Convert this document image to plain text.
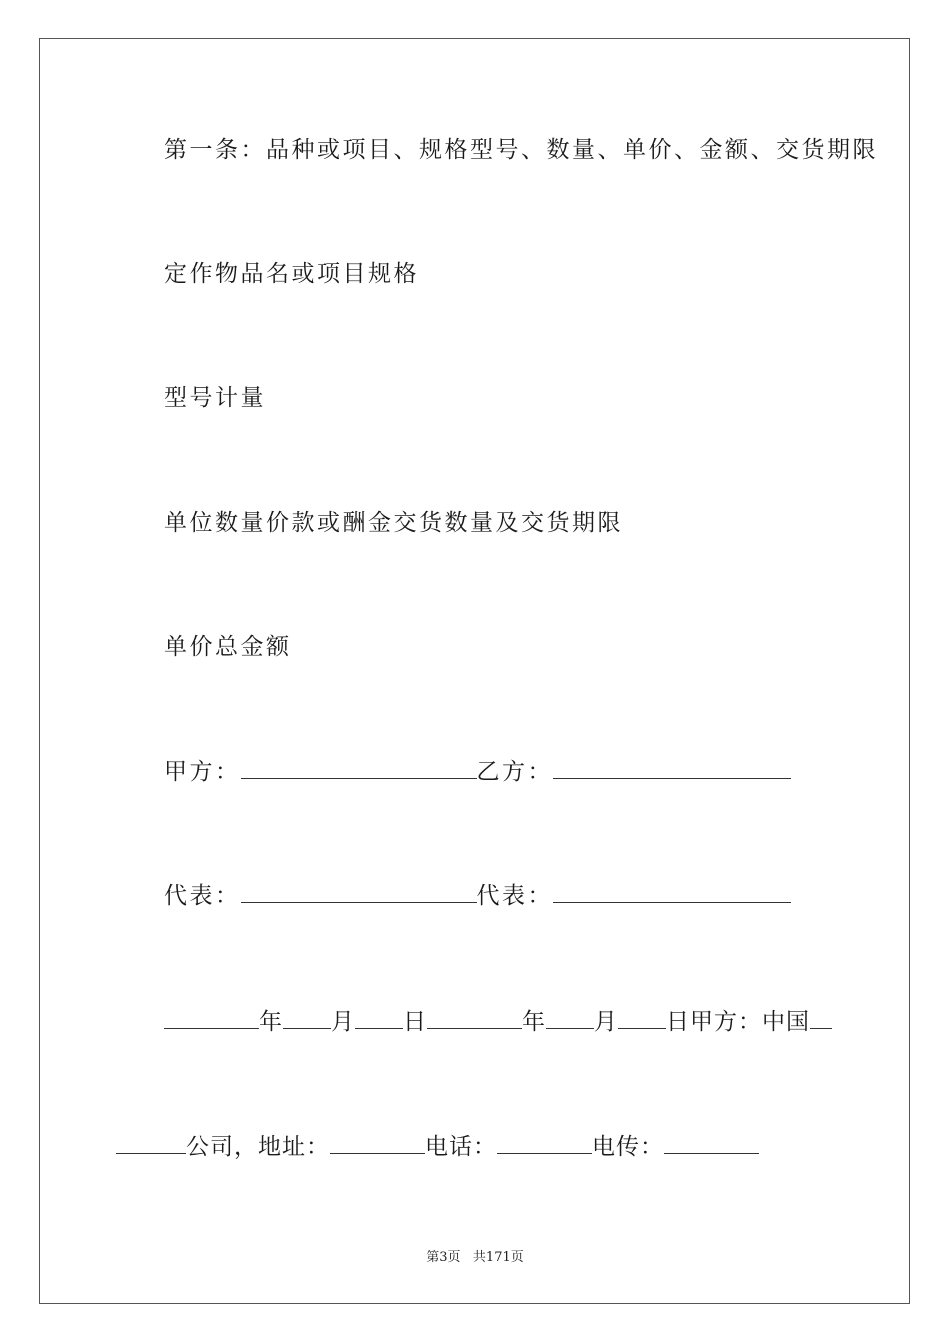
第一条：品种或项目、规格型号、数量、单价、金额、交货期限
定作物品名或项目规格
型号计量
单位数量价款或酬金交货数量及交货期限
单价总金额
甲方：	乙方：
代表：	代表：
年 月 日	年 月 日甲方：中国
公司，地址：	电话：	电传：
第3页 共171页
